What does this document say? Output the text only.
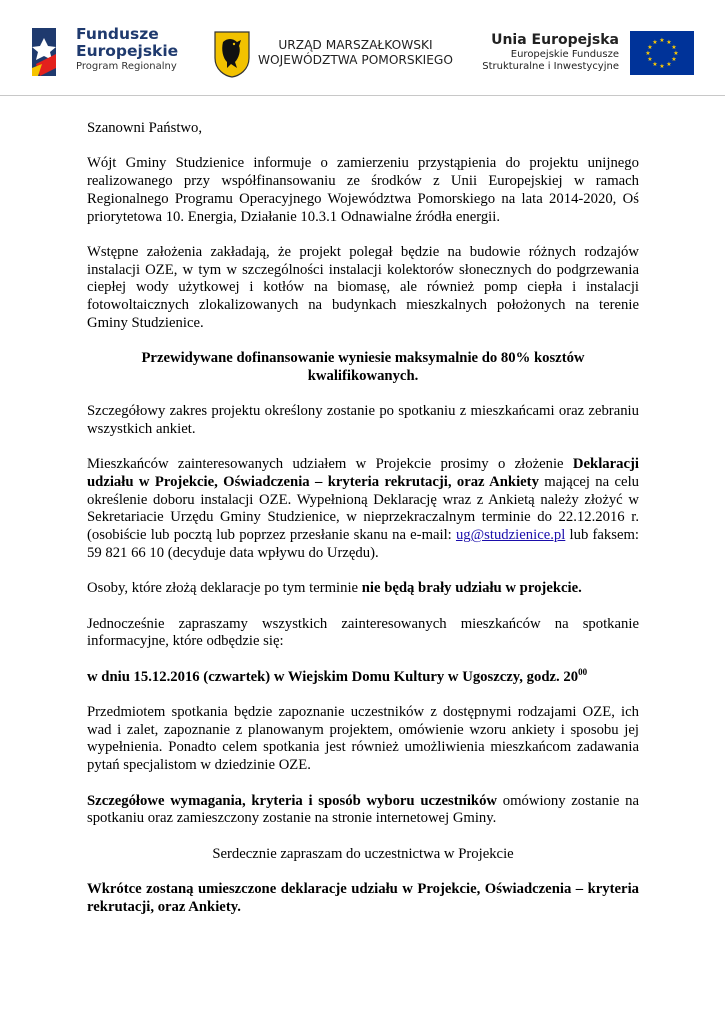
Fundusze
Europejskie
Program Regionalny
URZĄD MARSZAŁKOWSKI
WOJEWÓDZTWA POMORSKIEGO
Unia Europejska
Europejskie Fundusze
Strukturalne i Inwestycyjne
★ ★
★
★
★
★
★
★
★
★
★
★

Szanowni Państwo,

Wójt Gminy Studzienice informuje o zamierzeniu przystąpienia do projektu unijnego realizowanego przy współfinansowaniu ze środków z Unii Europejskiej w ramach Regionalnego Programu Operacyjnego Województwa Pomorskiego na lata 2014-2020, Oś priorytetowa 10. Energia, Działanie 10.3.1 Odnawialne źródła energii.

Wstępne założenia zakładają, że projekt polegał będzie na budowie różnych rodzajów instalacji OZE, w tym w szczególności instalacji kolektorów słonecznych do podgrzewania ciepłej wody użytkowej i kotłów na biomasę, ale również pomp ciepła i instalacji fotowoltaicznych zlokalizowanych na budynkach mieszkalnych położonych na terenie Gminy Studzienice.

Przewidywane dofinansowanie wyniesie maksymalnie do 80% kosztów kwalifikowanych.

Szczegółowy zakres projektu określony zostanie po spotkaniu z mieszkańcami oraz zebraniu wszystkich ankiet.

Mieszkańców zainteresowanych udziałem w Projekcie prosimy o złożenie Deklaracji udziału w Projekcie, Oświadczenia – kryteria rekrutacji, oraz Ankiety mającej na celu określenie doboru instalacji OZE. Wypełnioną Deklarację wraz z Ankietą należy złożyć w Sekretariacie Urzędu Gminy Studzienice, w nieprzekraczalnym terminie do 22.12.2016 r. (osobiście lub pocztą lub poprzez przesłanie skanu na e-mail: ug@studzienice.pl lub faksem: 59 821 66 10 (decyduje data wpływu do Urzędu).

Osoby, które złożą deklaracje po tym terminie nie będą brały udziału w projekcie.

Jednocześnie zapraszamy wszystkich zainteresowanych mieszkańców na spotkanie informacyjne, które odbędzie się:

w dniu 15.12.2016 (czwartek) w Wiejskim Domu Kultury w Ugoszczy, godz. $20^{00}$

Przedmiotem spotkania będzie zapoznanie uczestników z dostępnymi rodzajami OZE, ich wad i zalet, zapoznanie z planowanym projektem, omówienie wzoru ankiety i sposobu jej wypełnienia. Ponadto celem spotkania jest również umożliwienia mieszkańcom zadawania pytań specjalistom w dziedzinie OZE.

Szczegółowe wymagania, kryteria i sposób wyboru uczestników omówiony zostanie na spotkaniu oraz zamieszczony zostanie na stronie internetowej Gminy.

Serdecznie zapraszam do uczestnictwa w Projekcie

Wkrótce zostaną umieszczone deklaracje udziału w Projekcie, Oświadczenia – kryteria rekrutacji, oraz Ankiety.
